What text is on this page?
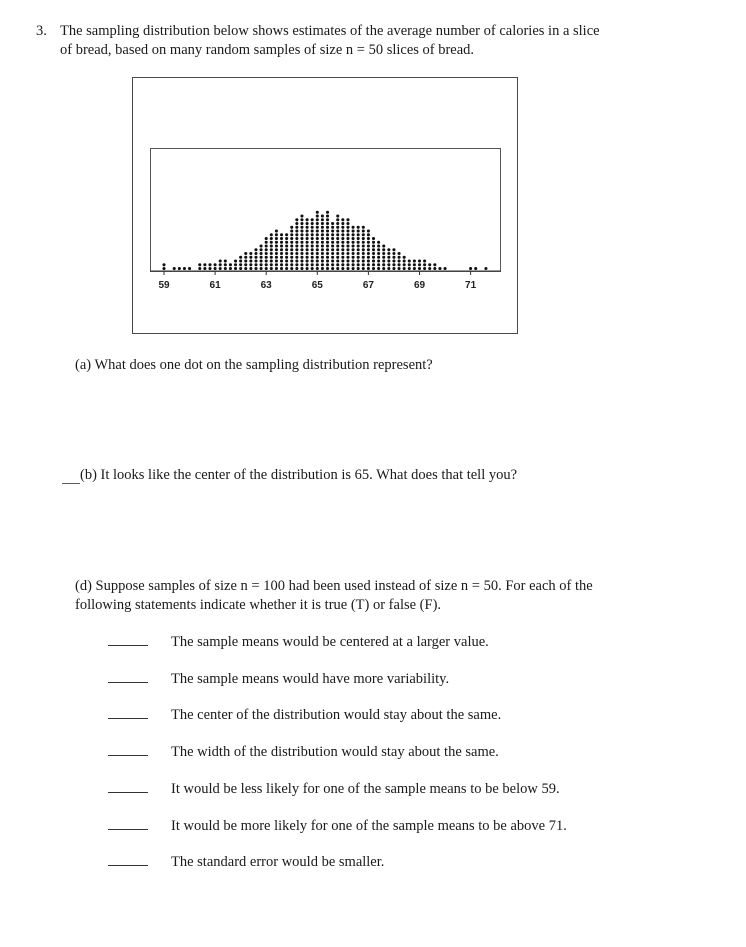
3. The sampling distribution below shows estimates of the average number of calories in a slice
of bread, based on many random samples of size n = 50 slices of bread.
59	61	63	65	67	69	71
(a) What does one dot on the sampling distribution represent?
(b) It looks like the center of the distribution is 65. What does that tell you?
(d) Suppose samples of size n = 100 had been used instead of size n = 50. For each of the
following statements indicate whether it is true (T) or false (F).
The sample means would be centered at a larger value.
The sample means would have more variability.
The center of the distribution would stay about the same.
The width of the distribution would stay about the same.
It would be less likely for one of the sample means to be below 59.
It would be more likely for one of the sample means to be above 71.
The standard error would be smaller.
